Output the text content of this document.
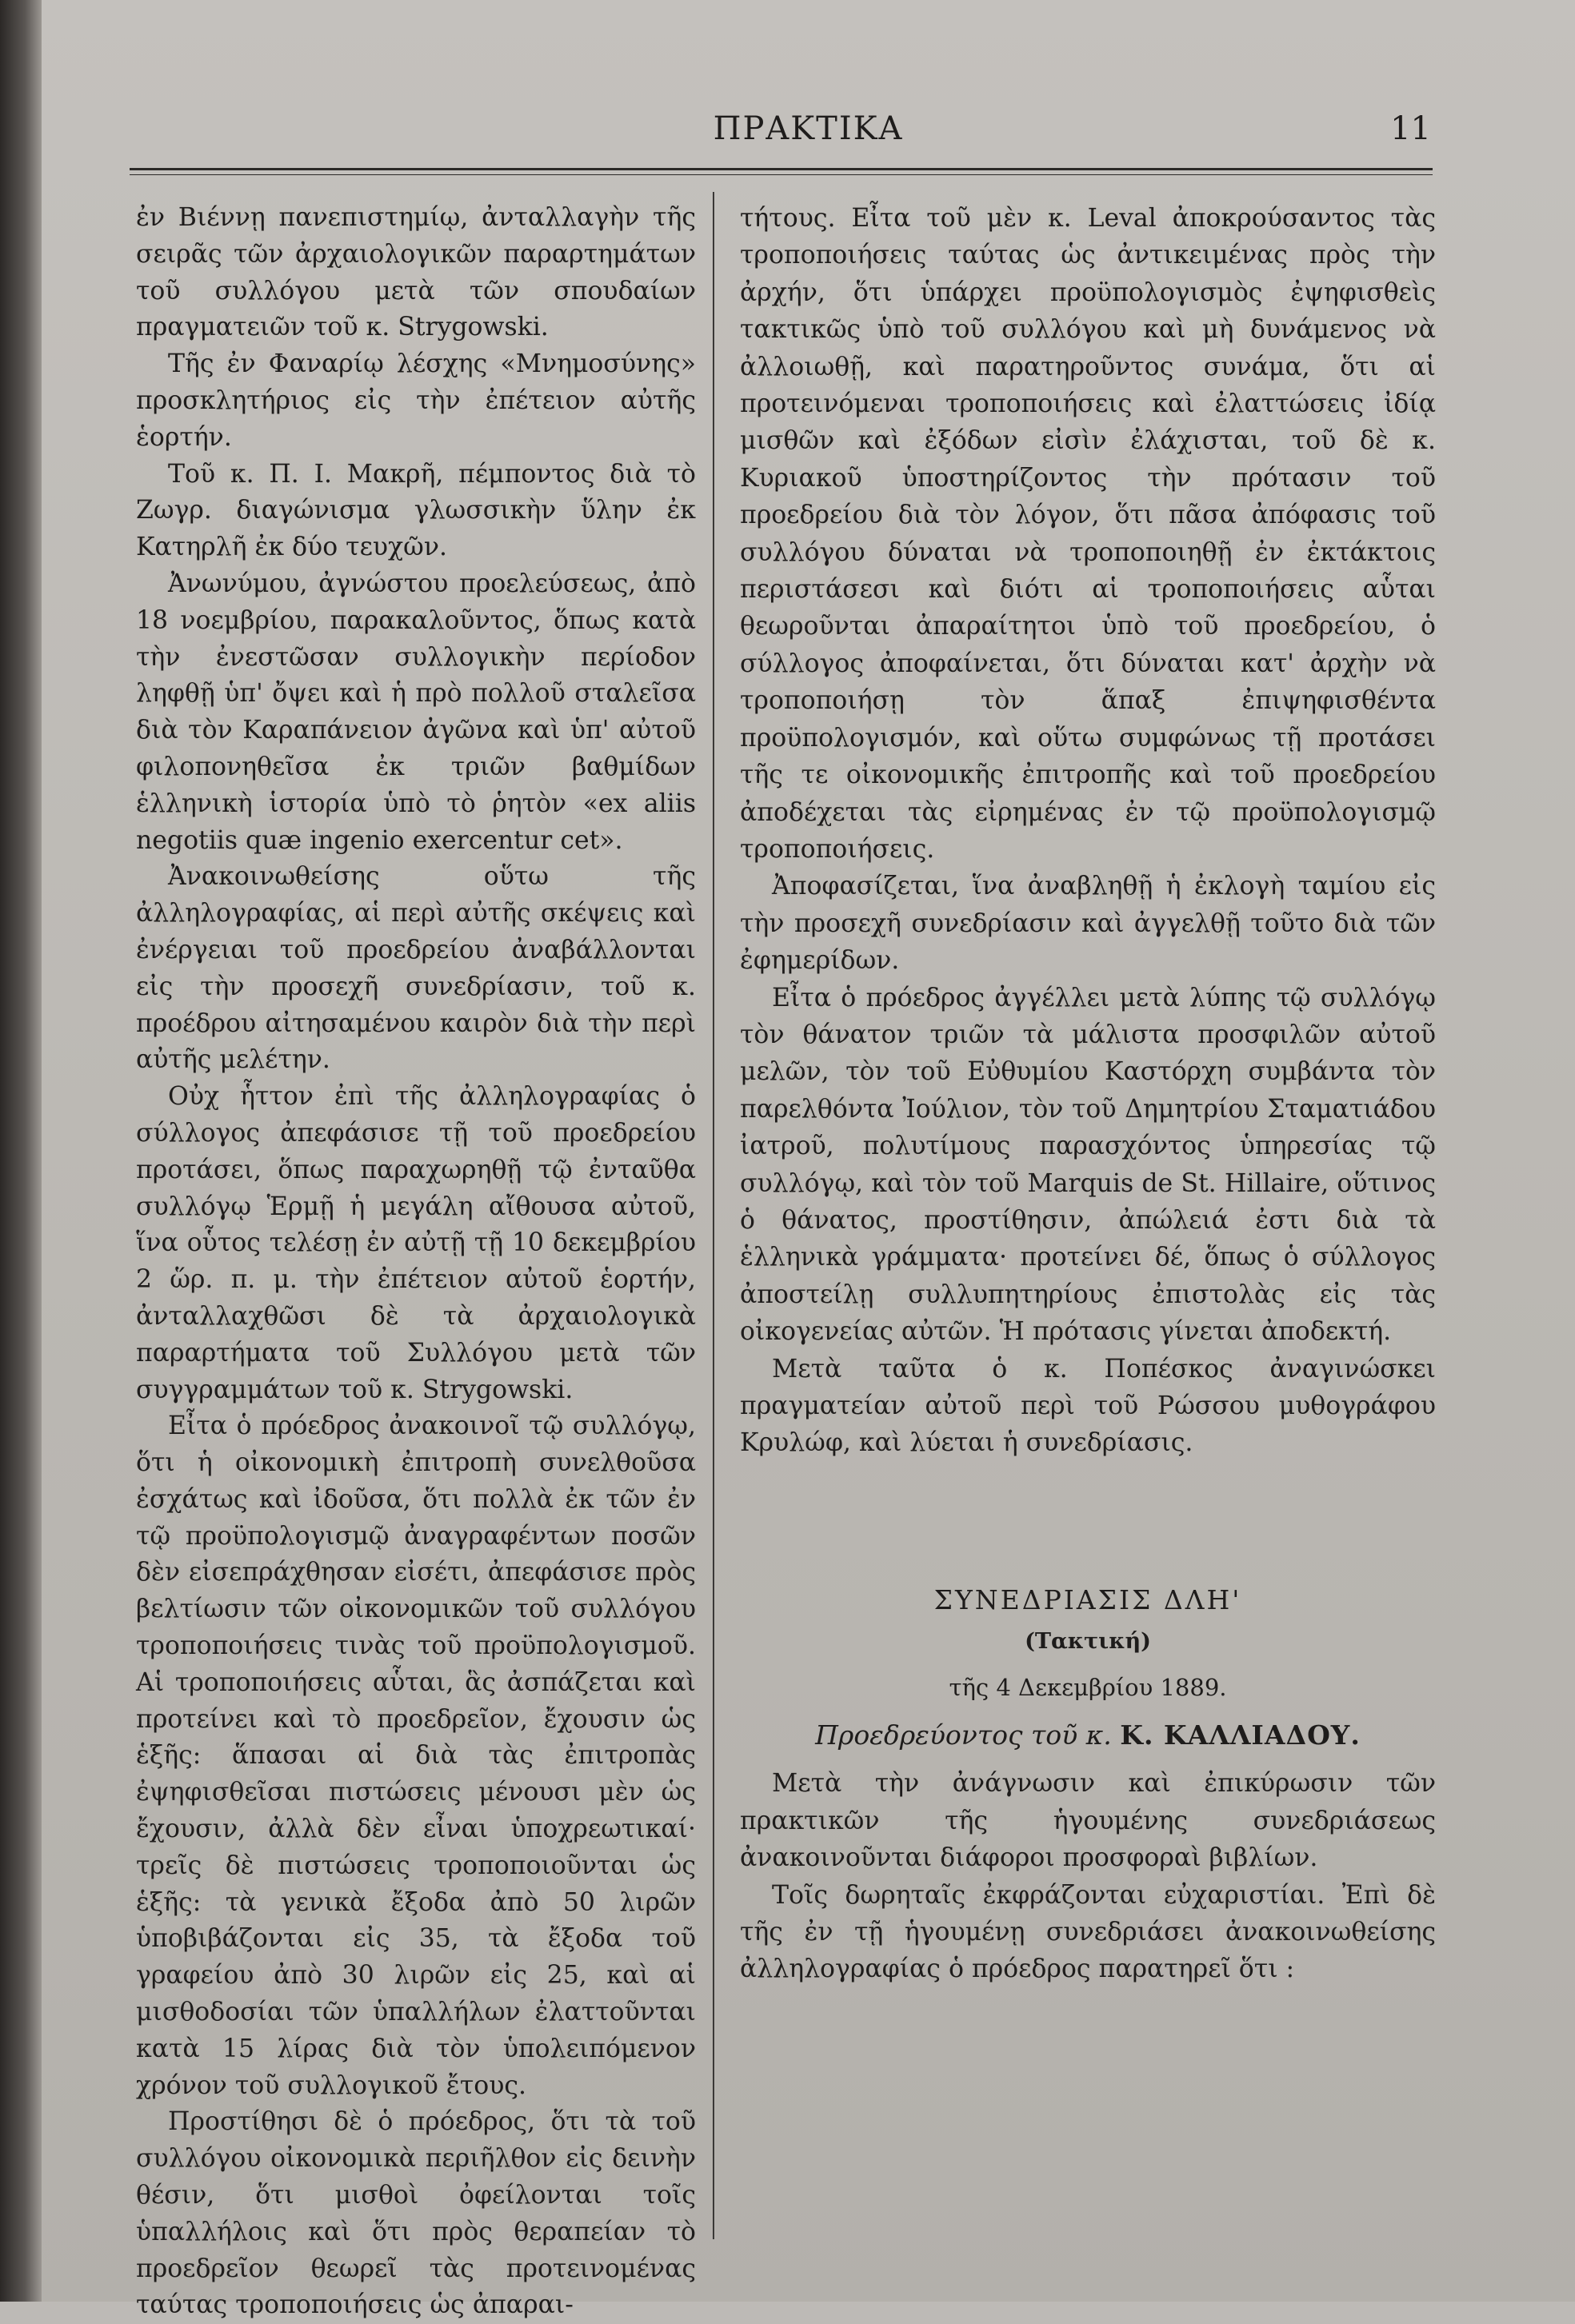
ΠΡΑΚΤΙΚΑ	11

ἐν Βιέννῃ πανεπιστημίῳ, ἀνταλλαγὴν τῆς σειρᾶς τῶν ἀρχαιολογικῶν παραρτημάτων τοῦ συλλόγου μετὰ τῶν σπουδαίων πραγματειῶν τοῦ κ. Strygowski.

Τῆς ἐν Φαναρίῳ λέσχης «Μνημοσύνης» προσκλητήριος εἰς τὴν ἐπέτειον αὐτῆς ἑορτήν.

Τοῦ κ. Π. Ι. Μακρῆ, πέμποντος διὰ τὸ Ζωγρ. διαγώνισμα γλωσσικὴν ὕλην ἐκ Κατηρλῆ ἐκ δύο τευχῶν.

Ἀνωνύμου, ἀγνώστου προελεύσεως, ἀπὸ 18 νοεμβρίου, παρακαλοῦντος, ὅπως κατὰ τὴν ἐνεστῶσαν συλλογικὴν περίοδον ληφθῇ ὑπ' ὄψει καὶ ἡ πρὸ πολλοῦ σταλεῖσα διὰ τὸν Καραπάνειον ἀγῶνα καὶ ὑπ' αὐτοῦ φιλοπονηθεῖσα ἐκ τριῶν βαθμίδων ἑλληνικὴ ἱστορία ὑπὸ τὸ ῥητὸν «ex aliis negotiis quæ ingenio exercentur cet».

Ἀνακοινωθείσης οὕτω τῆς ἀλληλογραφίας, αἱ περὶ αὐτῆς σκέψεις καὶ ἐνέργειαι τοῦ προεδρείου ἀναβάλλονται εἰς τὴν προσεχῆ συνεδρίασιν, τοῦ κ. προέδρου αἰτησαμένου καιρὸν διὰ τὴν περὶ αὐτῆς μελέτην.

Οὐχ ἧττον ἐπὶ τῆς ἀλληλογραφίας ὁ σύλλογος ἀπεφάσισε τῇ τοῦ προεδρείου προτάσει, ὅπως παραχωρηθῇ τῷ ἐνταῦθα συλλόγῳ Ἑρμῇ ἡ μεγάλη αἴθουσα αὐτοῦ, ἵνα οὗτος τελέσῃ ἐν αὐτῇ τῇ 10 δεκεμβρίου 2 ὥρ. π. μ. τὴν ἐπέτειον αὐτοῦ ἑορτήν, ἀνταλλαχθῶσι δὲ τὰ ἀρχαιολογικὰ παραρτήματα τοῦ Συλλόγου μετὰ τῶν συγγραμμάτων τοῦ κ. Strygowski.

Εἶτα ὁ πρόεδρος ἀνακοινοῖ τῷ συλλόγῳ, ὅτι ἡ οἰκονομικὴ ἐπιτροπὴ συνελθοῦσα ἐσχάτως καὶ ἰδοῦσα, ὅτι πολλὰ ἐκ τῶν ἐν τῷ προϋπολογισμῷ ἀναγραφέντων ποσῶν δὲν εἰσεπράχθησαν εἰσέτι, ἀπεφάσισε πρὸς βελτίωσιν τῶν οἰκονομικῶν τοῦ συλλόγου τροποποιήσεις τινὰς τοῦ προϋπολογισμοῦ. Αἱ τροποποιήσεις αὗται, ἃς ἀσπάζεται καὶ προτείνει καὶ τὸ προεδρεῖον, ἔχουσιν ὡς ἑξῆς: ἅπασαι αἱ διὰ τὰς ἐπιτροπὰς ἐψηφισθεῖσαι πιστώσεις μένουσι μὲν ὡς ἔχουσιν, ἀλλὰ δὲν εἶναι ὑποχρεωτικαί· τρεῖς δὲ πιστώσεις τροποποιοῦνται ὡς ἑξῆς: τὰ γενικὰ ἔξοδα ἀπὸ 50 λιρῶν ὑποβιβάζονται εἰς 35, τὰ ἔξοδα τοῦ γραφείου ἀπὸ 30 λιρῶν εἰς 25, καὶ αἱ μισθοδοσίαι τῶν ὑπαλλήλων ἐλαττοῦνται κατὰ 15 λίρας διὰ τὸν ὑπολειπόμενον χρόνον τοῦ συλλογικοῦ ἔτους.

Προστίθησι δὲ ὁ πρόεδρος, ὅτι τὰ τοῦ συλλόγου οἰκονομικὰ περιῆλθον εἰς δεινὴν θέσιν, ὅτι μισθοὶ ὀφείλονται τοῖς ὑπαλλήλοις καὶ ὅτι πρὸς θεραπείαν τὸ προεδρεῖον θεωρεῖ τὰς προτεινομένας ταύτας τροποποιήσεις ὡς ἀπαραι-

τήτους. Εἶτα τοῦ μὲν κ. Leval ἀποκρούσαντος τὰς τροποποιήσεις ταύτας ὡς ἀντικειμένας πρὸς τὴν ἀρχήν, ὅτι ὑπάρχει προϋπολογισμὸς ἐψηφισθεὶς τακτικῶς ὑπὸ τοῦ συλλόγου καὶ μὴ δυνάμενος νὰ ἀλλοιωθῇ, καὶ παρατηροῦντος συνάμα, ὅτι αἱ προτεινόμεναι τροποποιήσεις καὶ ἐλαττώσεις ἰδίᾳ μισθῶν καὶ ἐξόδων εἰσὶν ἐλάχισται, τοῦ δὲ κ. Κυριακοῦ ὑποστηρίζοντος τὴν πρότασιν τοῦ προεδρείου διὰ τὸν λόγον, ὅτι πᾶσα ἀπόφασις τοῦ συλλόγου δύναται νὰ τροποποιηθῇ ἐν ἐκτάκτοις περιστάσεσι καὶ διότι αἱ τροποποιήσεις αὗται θεωροῦνται ἀπαραίτητοι ὑπὸ τοῦ προεδρείου, ὁ σύλλογος ἀποφαίνεται, ὅτι δύναται κατ' ἀρχὴν νὰ τροποποιήσῃ τὸν ἅπαξ ἐπιψηφισθέντα προϋπολογισμόν, καὶ οὕτω συμφώνως τῇ προτάσει τῆς τε οἰκονομικῆς ἐπιτροπῆς καὶ τοῦ προεδρείου ἀποδέχεται τὰς εἰρημένας ἐν τῷ προϋπολογισμῷ τροποποιήσεις.

Ἀποφασίζεται, ἵνα ἀναβληθῇ ἡ ἐκλογὴ ταμίου εἰς τὴν προσεχῆ συνεδρίασιν καὶ ἀγγελθῇ τοῦτο διὰ τῶν ἐφημερίδων.

Εἶτα ὁ πρόεδρος ἀγγέλλει μετὰ λύπης τῷ συλλόγῳ τὸν θάνατον τριῶν τὰ μάλιστα προσφιλῶν αὐτοῦ μελῶν, τὸν τοῦ Εὐθυμίου Καστόρχη συμβάντα τὸν παρελθόντα Ἰούλιον, τὸν τοῦ Δημητρίου Σταματιάδου ἰατροῦ, πολυτίμους παρασχόντος ὑπηρεσίας τῷ συλλόγῳ, καὶ τὸν τοῦ Marquis de St. Hillaire, οὕτινος ὁ θάνατος, προστίθησιν, ἀπώλειά ἐστι διὰ τὰ ἑλληνικὰ γράμματα· προτείνει δέ, ὅπως ὁ σύλλογος ἀποστείλῃ συλλυπητηρίους ἐπιστολὰς εἰς τὰς οἰκογενείας αὐτῶν. Ἡ πρότασις γίνεται ἀποδεκτή.

Μετὰ ταῦτα ὁ κ. Ποπέσκος ἀναγινώσκει πραγματείαν αὐτοῦ περὶ τοῦ Ρώσσου μυθογράφου Κρυλώφ, καὶ λύεται ἡ συνεδρίασις.

ΣΥΝΕΔΡΙΑΣΙΣ ΔΛΗ'
(Τακτική)
τῆς 4 Δεκεμβρίου 1889.
Προεδρεύοντος τοῦ κ. Κ. ΚΑΛΛΙΑΔΟΥ.

Μετὰ τὴν ἀνάγνωσιν καὶ ἐπικύρωσιν τῶν πρακτικῶν τῆς ἡγουμένης συνεδριάσεως ἀνακοινοῦνται διάφοροι προσφοραὶ βιβλίων.

Τοῖς δωρηταῖς ἐκφράζονται εὐχαριστίαι. Ἐπὶ δὲ τῆς ἐν τῇ ἡγουμένῃ συνεδριάσει ἀνακοινωθείσης ἀλληλογραφίας ὁ πρόεδρος παρατηρεῖ ὅτι :
